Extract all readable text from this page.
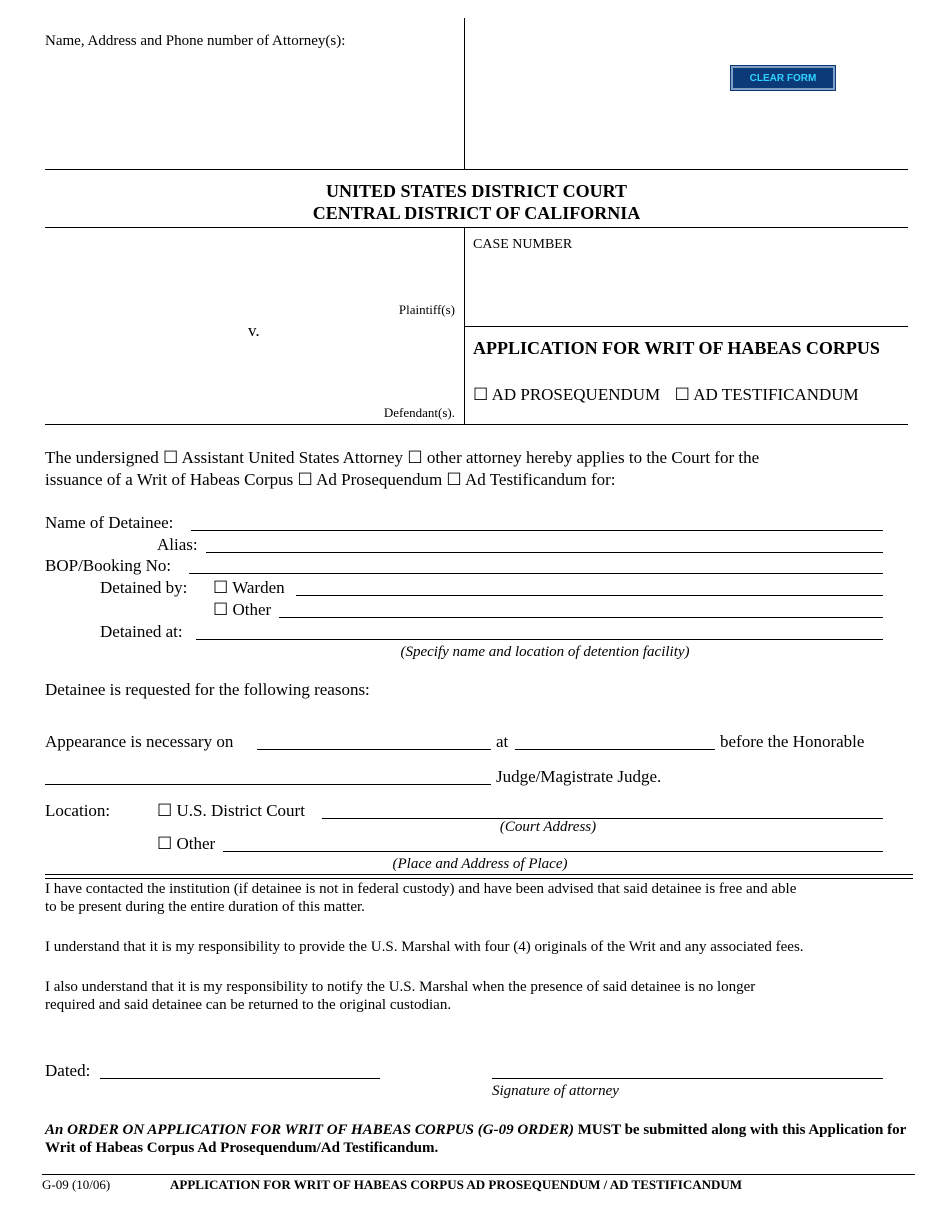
Name, Address and Phone number of Attorney(s):
CLEAR FORM
UNITED STATES DISTRICT COURT
CENTRAL DISTRICT OF CALIFORNIA
Plaintiff(s)
v.
Defendant(s).
CASE NUMBER
APPLICATION FOR WRIT OF HABEAS CORPUS
☐ AD PROSEQUENDUM ☐ AD TESTIFICANDUM
The undersigned ☐ Assistant United States Attorney ☐ other attorney hereby applies to the Court for the
issuance of a Writ of Habeas Corpus ☐ Ad Prosequendum ☐ Ad Testificandum for:
Name of Detainee:
Alias:
BOP/Booking No:
Detained by: ☐ Warden
☐ Other
Detained at:
(Specify name and location of detention facility)
Detainee is requested for the following reasons:
Appearance is necessary on	at	before the Honorable
Judge/Magistrate Judge.
Location:	☐ U.S. District Court
(Court Address)
☐ Other
(Place and Address of Place)
I have contacted the institution (if detainee is not in federal custody) and have been advised that said detainee is free and able
to be present during the entire duration of this matter.
I understand that it is my responsibility to provide the U.S. Marshal with four (4) originals of the Writ and any associated fees.
I also understand that it is my responsibility to notify the U.S. Marshal when the presence of said detainee is no longer
required and said detainee can be returned to the original custodian.
Dated:
Signature of attorney
An ORDER ON APPLICATION FOR WRIT OF HABEAS CORPUS (G-09 ORDER) MUST be submitted along with this Application for
Writ of Habeas Corpus Ad Prosequendum/Ad Testificandum.
G-09 (10/06)	APPLICATION FOR WRIT OF HABEAS CORPUS AD PROSEQUENDUM / AD TESTIFICANDUM
